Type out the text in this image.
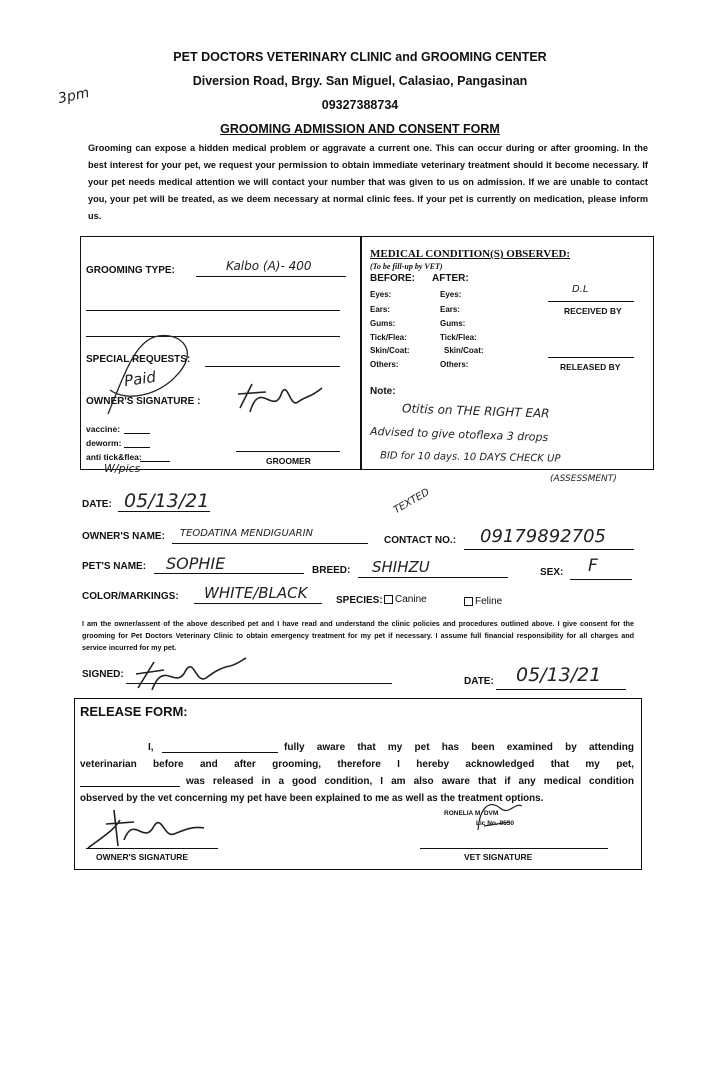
PET DOCTORS VETERINARY CLINIC and GROOMING CENTER
Diversion Road, Brgy. San Miguel, Calasiao, Pangasinan
09327388734
GROOMING ADMISSION AND CONSENT FORM
3pm
Grooming can expose a hidden medical problem or aggravate a current one. This can occur during or after grooming. In the best interest for your pet, we request your permission to obtain immediate veterinary treatment should it become necessary. If your pet needs medical attention we will contact your number that was given to us on admission. If we are unable to contact you, your pet will be treated, as we deem necessary at normal clinic fees. If your pet is currently on medication, please inform us.
GROOMING TYPE:	Kalbo (A)- 400
SPECIAL REQUESTS:
Paid
OWNER'S SIGNATURE :
vaccine:
deworm:
anti tick&flea:	GROOMER
W/pics
MEDICAL CONDITION(S) OBSERVED:
(To be fill-up by VET)
BEFORE: AFTER:
Eyes:	Eyes:
Ears:	Ears:
Gums:	Gums:
Tick/Flea:	Tick/Flea:
Skin/Coat:	Skin/Coat:
Others:	Others:
D.L
RECEIVED BY
RELEASED BY
Note:
Otitis on THE RIGHT EAR
Advised to give otoflexa 3 drops
BID for 10 days. 10 DAYS CHECK UP
(ASSESSMENT)
TEXTED
DATE: 05/13/21
OWNER'S NAME: TEODATINA MENDIGUARIN
CONTACT NO.: 09179892705
PET'S NAME: SOPHIE	BREED: SHIHZU	SEX: F
COLOR/MARKINGS: WHITE/BLACK	SPECIES:	Canine	Feline
I am the owner/assent of the above described pet and I have read and understand the clinic policies and procedures outlined above. I give consent for the grooming for Pet Doctors Veterinary Clinic to obtain emergency treatment for my pet if necessary. I assume full financial responsibility for all charges and service incurred for my pet.
SIGNED:
DATE: 05/13/21
RELEASE FORM:
I,	fully aware that my pet has been examined by attending
veterinarian before and after grooming, therefore I hereby acknowledged that my pet,
was released in a good condition, I am also aware that if any medical condition
observed by the vet concerning my pet have been explained to me as well as the treatment options.
OWNER'S SIGNATURE
RONELIA M. DVM
Lic No. 9550
VET SIGNATURE
